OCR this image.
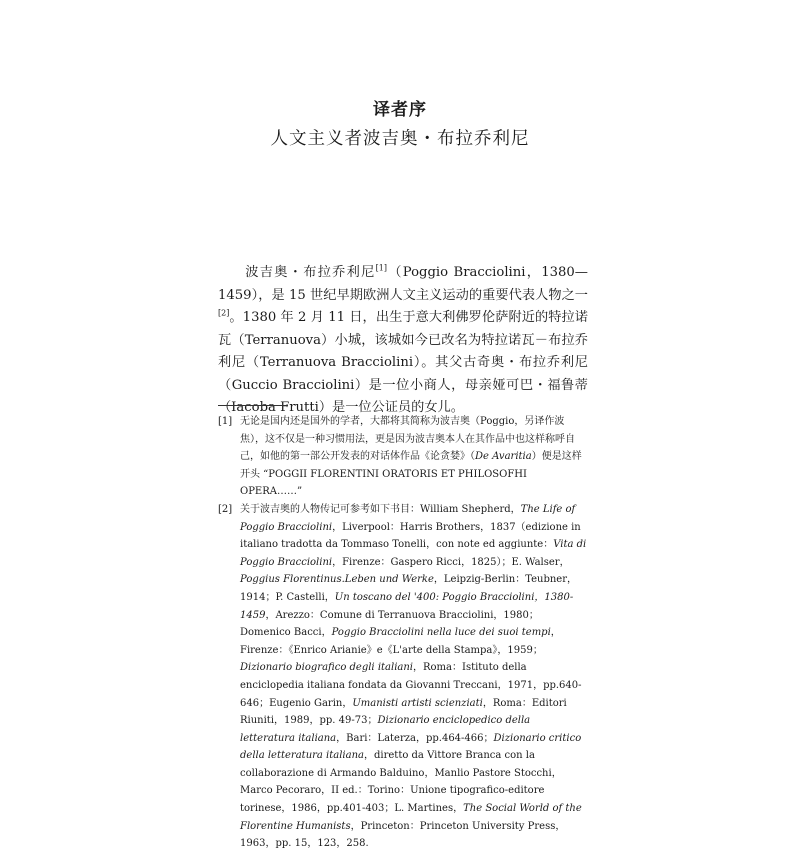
译者序
人文主义者波吉奥・布拉乔利尼
波吉奥・布拉乔利尼[1]（Poggio Bracciolini，1380—1459），是 15 世纪早期欧洲人文主义运动的重要代表人物之一[2]。1380 年 2 月 11 日，出生于意大利佛罗伦萨附近的特拉诺瓦（Terranuova）小城，该城如今已改名为特拉诺瓦－布拉乔利尼（Terranuova Bracciolini）。其父古奇奥・布拉乔利尼（Guccio Bracciolini）是一位小商人，母亲娅可巴・福鲁蒂（Iacoba Frutti）是一位公证员的女儿。
[1] 无论是国内还是国外的学者，大都将其简称为波吉奥（Poggio，另译作波焦），这不仅是一种习惯用法，更是因为波吉奥本人在其作品中也这样称呼自己，如他的第一部公开发表的对话体作品《论贪婪》（De Avaritia）便是这样开头 “POGGII FLORENTINI ORATORIS ET PHILOSOFHI OPERA……”
[2] 关于波吉奥的人物传记可参考如下书目：William Shepherd，The Life of Poggio Bracciolini，Liverpool：Harris Brothers，1837（edizione in italiano tradotta da Tommaso Tonelli，con note ed aggiunte：Vita di Poggio Bracciolini，Firenze：Gaspero Ricci，1825）；E. Walser，Poggius Florentinus.Leben und Werke，Leipzig-Berlin：Teubner，1914；P. Castelli，Un toscano del '400: Poggio Bracciolini，1380-1459，Arezzo：Comune di Terranuova Bracciolini，1980；Domenico Bacci，Poggio Bracciolini nella luce dei suoi tempi，Firenze：《Enrico Arianie》e《L'arte della Stampa》，1959；Dizionario biografico degli italiani，Roma：Istituto della enciclopedia italiana fondata da Giovanni Treccani，1971，pp.640-646；Eugenio Garin，Umanisti artisti scienziati，Roma：Editori Riuniti，1989，pp. 49-73；Dizionario enciclopedico della letteratura italiana，Bari：Laterza，pp.464-466；Dizionario critico della letteratura italiana，diretto da Vittore Branca con la collaborazione di Armando Balduino，Manlio Pastore Stocchi，Marco Pecoraro，II ed.：Torino：Unione tipografico-editore torinese，1986，pp.401-403；L. Martines，The Social World of the Florentine Humanists，Princeton：Princeton University Press，1963，pp. 15，123，258.
